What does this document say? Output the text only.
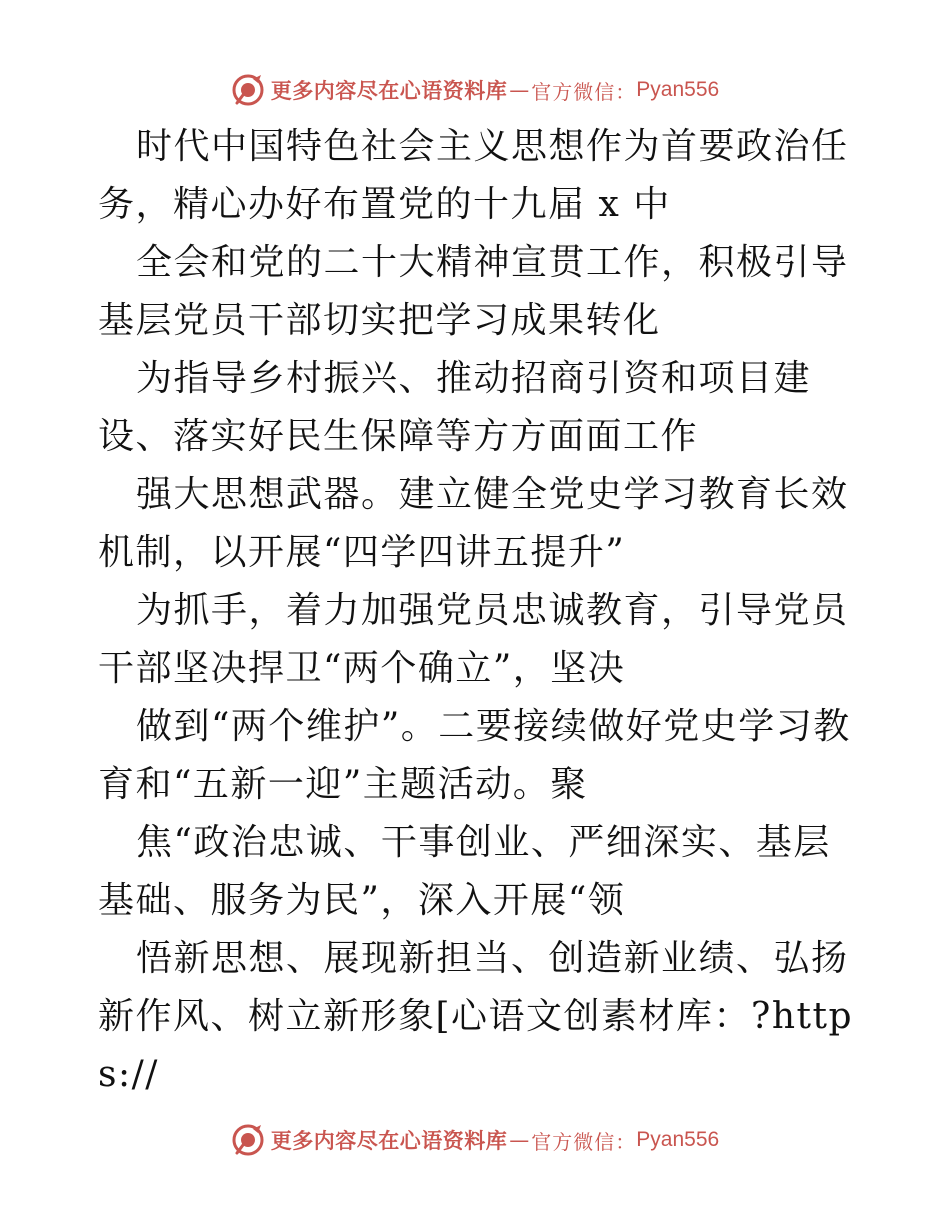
更多内容尽在心语资料库 — 官方微信： Pyan556

时代中国特色社会主义思想作为首要政治任务，精心办好布置党的十九届 x 中

全会和党的二十大精神宣贯工作，积极引导基层党员干部切实把学习成果转化

为指导乡村振兴、推动招商引资和项目建设、落实好民生保障等方方面面工作

强大思想武器。建立健全党史学习教育长效机制，以开展“四学四讲五提升”

为抓手，着力加强党员忠诚教育，引导党员干部坚决捍卫“两个确立”，坚决

做到“两个维护”。二要接续做好党史学习教育和“五新一迎”主题活动。聚

焦“政治忠诚、干事创业、严细深实、基层基础、服务为民”，深入开展“领

悟新思想、展现新担当、创造新业绩、弘扬新作风、树立新形象[心语文创素材库：?https://

更多内容尽在心语资料库 — 官方微信： Pyan556
